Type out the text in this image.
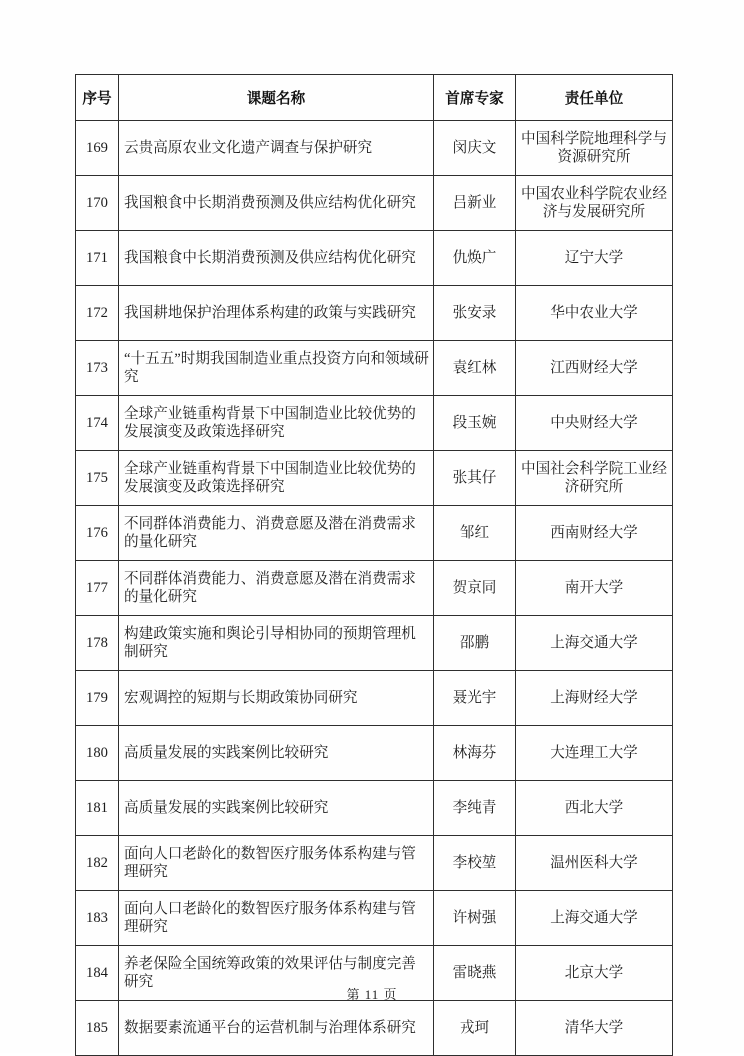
序号	课题名称	首席专家	责任单位
169	云贵高原农业文化遗产调查与保护研究	闵庆文	中国科学院地理科学与资源研究所
170	我国粮食中长期消费预测及供应结构优化研究	吕新业	中国农业科学院农业经济与发展研究所
171	我国粮食中长期消费预测及供应结构优化研究	仇焕广	辽宁大学
172	我国耕地保护治理体系构建的政策与实践研究	张安录	华中农业大学
173	“十五五”时期我国制造业重点投资方向和领域研究	袁红林	江西财经大学
174	全球产业链重构背景下中国制造业比较优势的发展演变及政策选择研究	段玉婉	中央财经大学
175	全球产业链重构背景下中国制造业比较优势的发展演变及政策选择研究	张其仔	中国社会科学院工业经济研究所
176	不同群体消费能力、消费意愿及潜在消费需求的量化研究	邹红	西南财经大学
177	不同群体消费能力、消费意愿及潜在消费需求的量化研究	贺京同	南开大学
178	构建政策实施和舆论引导相协同的预期管理机制研究	邵鹏	上海交通大学
179	宏观调控的短期与长期政策协同研究	聂光宇	上海财经大学
180	高质量发展的实践案例比较研究	林海芬	大连理工大学
181	高质量发展的实践案例比较研究	李纯青	西北大学
182	面向人口老龄化的数智医疗服务体系构建与管理研究	李校堃	温州医科大学
183	面向人口老龄化的数智医疗服务体系构建与管理研究	许树强	上海交通大学
184	养老保险全国统筹政策的效果评估与制度完善研究	雷晓燕	北京大学
185	数据要素流通平台的运营机制与治理体系研究	戎珂	清华大学
第 11 页
